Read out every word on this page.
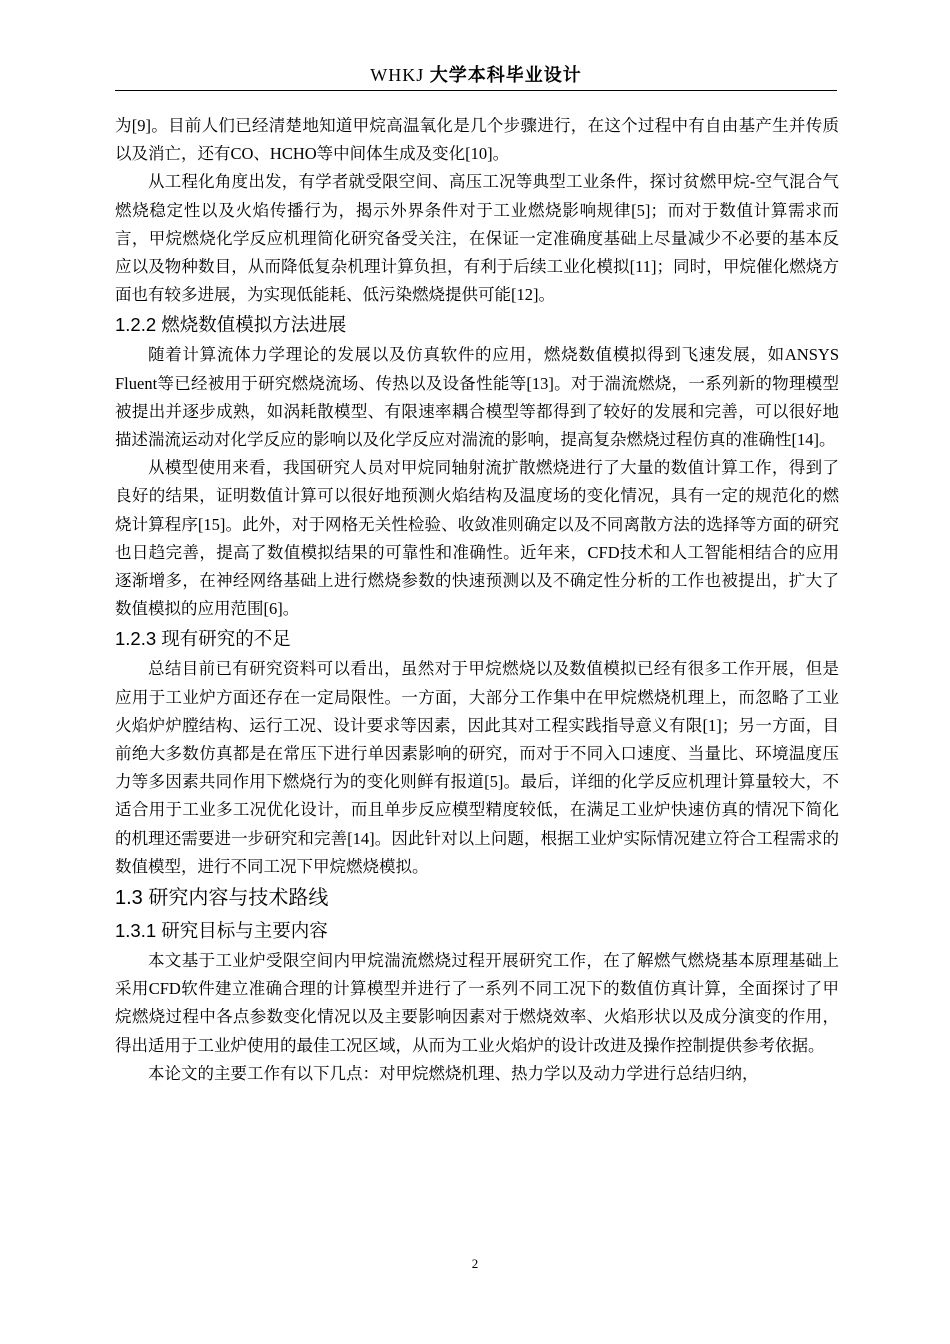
WHKJ 大学本科毕业设计

为[9]。目前人们已经清楚地知道甲烷高温氧化是几个步骤进行，在这个过程中有自由基产生并传质以及消亡，还有CO、HCHO等中间体生成及变化[10]。

从工程化角度出发，有学者就受限空间、高压工况等典型工业条件，探讨贫燃甲烷-空气混合气燃烧稳定性以及火焰传播行为，揭示外界条件对于工业燃烧影响规律[5]；而对于数值计算需求而言，甲烷燃烧化学反应机理简化研究备受关注，在保证一定准确度基础上尽量减少不必要的基本反应以及物种数目，从而降低复杂机理计算负担，有利于后续工业化模拟[11]；同时，甲烷催化燃烧方面也有较多进展，为实现低能耗、低污染燃烧提供可能[12]。

1.2.2 燃烧数值模拟方法进展

随着计算流体力学理论的发展以及仿真软件的应用，燃烧数值模拟得到飞速发展，如ANSYS Fluent等已经被用于研究燃烧流场、传热以及设备性能等[13]。对于湍流燃烧，一系列新的物理模型被提出并逐步成熟，如涡耗散模型、有限速率耦合模型等都得到了较好的发展和完善，可以很好地描述湍流运动对化学反应的影响以及化学反应对湍流的影响，提高复杂燃烧过程仿真的准确性[14]。

从模型使用来看，我国研究人员对甲烷同轴射流扩散燃烧进行了大量的数值计算工作，得到了良好的结果，证明数值计算可以很好地预测火焰结构及温度场的变化情况，具有一定的规范化的燃烧计算程序[15]。此外，对于网格无关性检验、收敛准则确定以及不同离散方法的选择等方面的研究也日趋完善，提高了数值模拟结果的可靠性和准确性。近年来，CFD技术和人工智能相结合的应用逐渐增多，在神经网络基础上进行燃烧参数的快速预测以及不确定性分析的工作也被提出，扩大了数值模拟的应用范围[6]。

1.2.3 现有研究的不足

总结目前已有研究资料可以看出，虽然对于甲烷燃烧以及数值模拟已经有很多工作开展，但是应用于工业炉方面还存在一定局限性。一方面，大部分工作集中在甲烷燃烧机理上，而忽略了工业火焰炉炉膛结构、运行工况、设计要求等因素，因此其对工程实践指导意义有限[1]；另一方面，目前绝大多数仿真都是在常压下进行单因素影响的研究，而对于不同入口速度、当量比、环境温度压力等多因素共同作用下燃烧行为的变化则鲜有报道[5]。最后，详细的化学反应机理计算量较大，不适合用于工业多工况优化设计，而且单步反应模型精度较低，在满足工业炉快速仿真的情况下简化的机理还需要进一步研究和完善[14]。因此针对以上问题，根据工业炉实际情况建立符合工程需求的数值模型，进行不同工况下甲烷燃烧模拟。

1.3 研究内容与技术路线
1.3.1 研究目标与主要内容

本文基于工业炉受限空间内甲烷湍流燃烧过程开展研究工作，在了解燃气燃烧基本原理基础上采用CFD软件建立准确合理的计算模型并进行了一系列不同工况下的数值仿真计算，全面探讨了甲烷燃烧过程中各点参数变化情况以及主要影响因素对于燃烧效率、火焰形状以及成分演变的作用，得出适用于工业炉使用的最佳工况区域，从而为工业火焰炉的设计改进及操作控制提供参考依据。

本论文的主要工作有以下几点：对甲烷燃烧机理、热力学以及动力学进行总结归纳，

2
